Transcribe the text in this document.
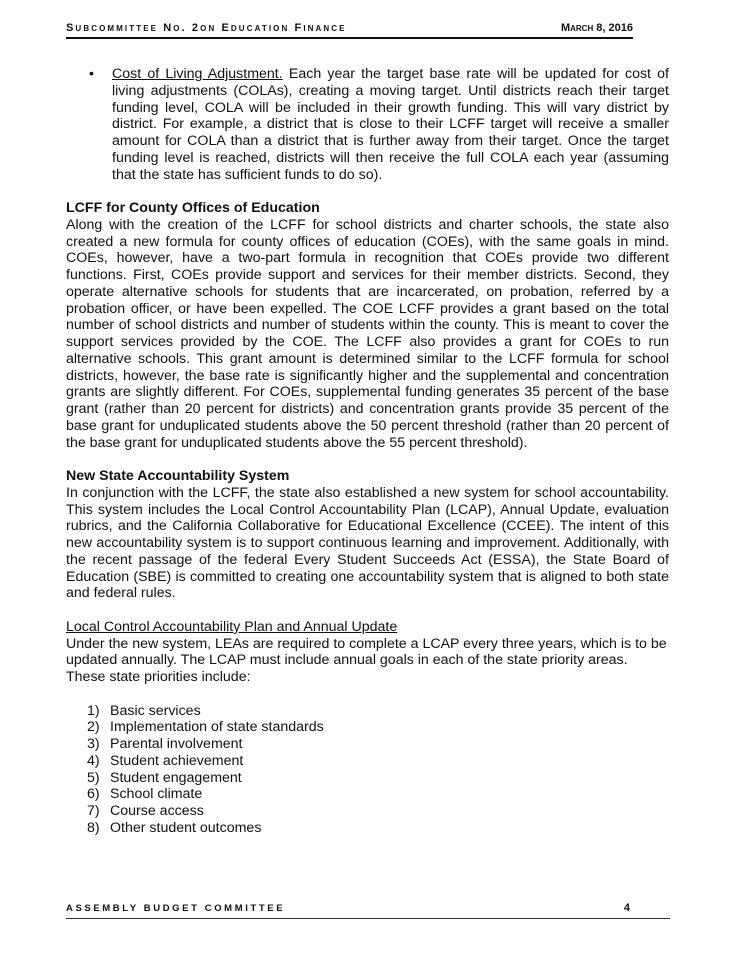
Subcommittee No. 2on Education Finance	March 8, 2016
• Cost of Living Adjustment. Each year the target base rate will be updated for cost of living adjustments (COLAs), creating a moving target. Until districts reach their target funding level, COLA will be included in their growth funding. This will vary district by district. For example, a district that is close to their LCFF target will receive a smaller amount for COLA than a district that is further away from their target. Once the target funding level is reached, districts will then receive the full COLA each year (assuming that the state has sufficient funds to do so).
LCFF for County Offices of Education
Along with the creation of the LCFF for school districts and charter schools, the state also created a new formula for county offices of education (COEs), with the same goals in mind. COEs, however, have a two-part formula in recognition that COEs provide two different functions. First, COEs provide support and services for their member districts. Second, they operate alternative schools for students that are incarcerated, on probation, referred by a probation officer, or have been expelled. The COE LCFF provides a grant based on the total number of school districts and number of students within the county. This is meant to cover the support services provided by the COE. The LCFF also provides a grant for COEs to run alternative schools. This grant amount is determined similar to the LCFF formula for school districts, however, the base rate is significantly higher and the supplemental and concentration grants are slightly different. For COEs, supplemental funding generates 35 percent of the base grant (rather than 20 percent for districts) and concentration grants provide 35 percent of the base grant for unduplicated students above the 50 percent threshold (rather than 20 percent of the base grant for unduplicated students above the 55 percent threshold).
New State Accountability System
In conjunction with the LCFF, the state also established a new system for school accountability. This system includes the Local Control Accountability Plan (LCAP), Annual Update, evaluation rubrics, and the California Collaborative for Educational Excellence (CCEE). The intent of this new accountability system is to support continuous learning and improvement. Additionally, with the recent passage of the federal Every Student Succeeds Act (ESSA), the State Board of Education (SBE) is committed to creating one accountability system that is aligned to both state and federal rules.
Local Control Accountability Plan and Annual Update
Under the new system, LEAs are required to complete a LCAP every three years, which is to be updated annually. The LCAP must include annual goals in each of the state priority areas. These state priorities include:
1) Basic services
2) Implementation of state standards
3) Parental involvement
4) Student achievement
5) Student engagement
6) School climate
7) Course access
8) Other student outcomes
ASSEMBLY BUDGET COMMITTEE	4
